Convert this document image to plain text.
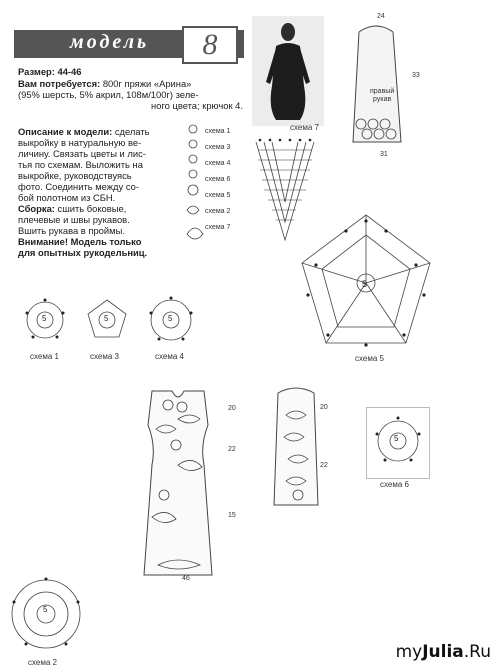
модель	8
Размер: 44-46
Вам потребуется: 800г пряжи «Арина»
(95% шерсть, 5% акрил, 108м/100г) зеле-
ного цвета; крючок 4.
Описание к модели: сделать
выкройку в натуральную ве-
личину. Связать цветы и лис-
тья по схемам. Выложить на
выкройке, руководствуясь
фото. Соединить между со-
бой полотном из СБН.
Сборка: сшить боковые,
плечевые и швы рукавов.
Вшить рукава в проймы.
Внимание! Модель только
для опытных рукодельниц.
схема 7
схема 1
схема 3
схема 4
схема 6
схема 5
схема 2
схема 7
24
33
31
правый
рукав
5
схема 5
5	5	5
схема 1	схема 3	схема 4
20
22
15
46
20
22
5
схема 6
5
схема 2
myJulia.Ru
